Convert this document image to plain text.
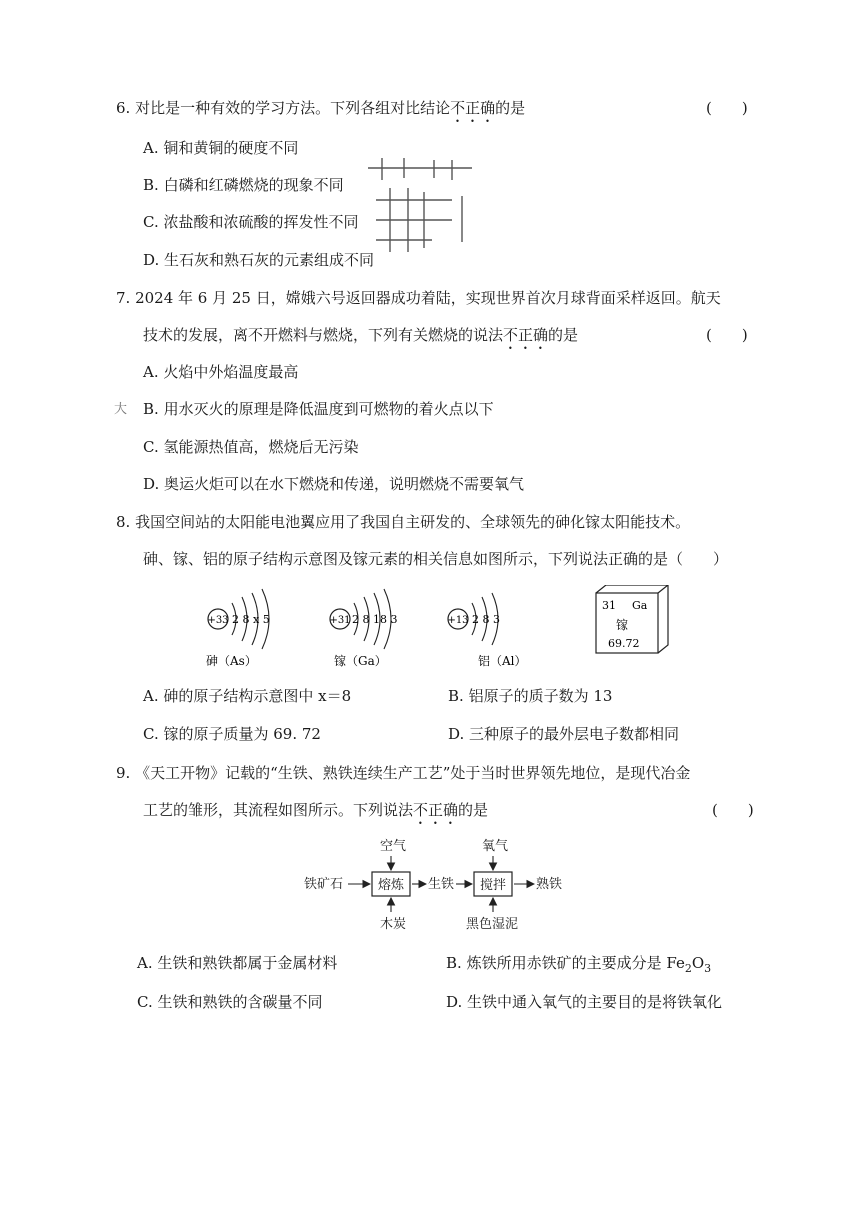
6. 对比是一种有效的学习方法。下列各组对比结论不正确的是	(　　)
A. 铜和黄铜的硬度不同
B. 白磷和红磷燃烧的现象不同
C. 浓盐酸和浓硫酸的挥发性不同
D. 生石灰和熟石灰的元素组成不同
7. 2024 年 6 月 25 日，嫦娥六号返回器成功着陆，实现世界首次月球背面采样返回。航天
技术的发展，离不开燃料与燃烧，下列有关燃烧的说法不正确的是	(　　)
A. 火焰中外焰温度最高
大 B. 用水灭火的原理是降低温度到可燃物的着火点以下
C. 氢能源热值高，燃烧后无污染
D. 奥运火炬可以在水下燃烧和传递，说明燃烧不需要氧气
8. 我国空间站的太阳能电池翼应用了我国自主研发的、全球领先的砷化镓太阳能技术。
砷、镓、铝的原子结构示意图及镓元素的相关信息如图所示，下列说法正确的是（　　）
+33 2 8 x 5
砷（As）
+31 2 8 18 3
镓（Ga）
+13 2 8 3
铝（Al）
31 Ga
镓
69.72
A. 砷的原子结构示意图中 x＝8	B. 铝原子的质子数为 13
C. 镓的原子质量为 69. 72	D. 三种原子的最外层电子数都相同
9. 《天工开物》记载的“生铁、熟铁连续生产工艺”处于当时世界领先地位，是现代冶金
工艺的雏形，其流程如图所示。下列说法不正确的是	(　　)
空气
铁矿石	熔炼
木炭
生铁
氧气
搅拌
黑色湿泥
熟铁
A. 生铁和熟铁都属于金属材料	B. 炼铁所用赤铁矿的主要成分是 $Fe_2O_3$
C. 生铁和熟铁的含碳量不同	D. 生铁中通入氧气的主要目的是将铁氧化
